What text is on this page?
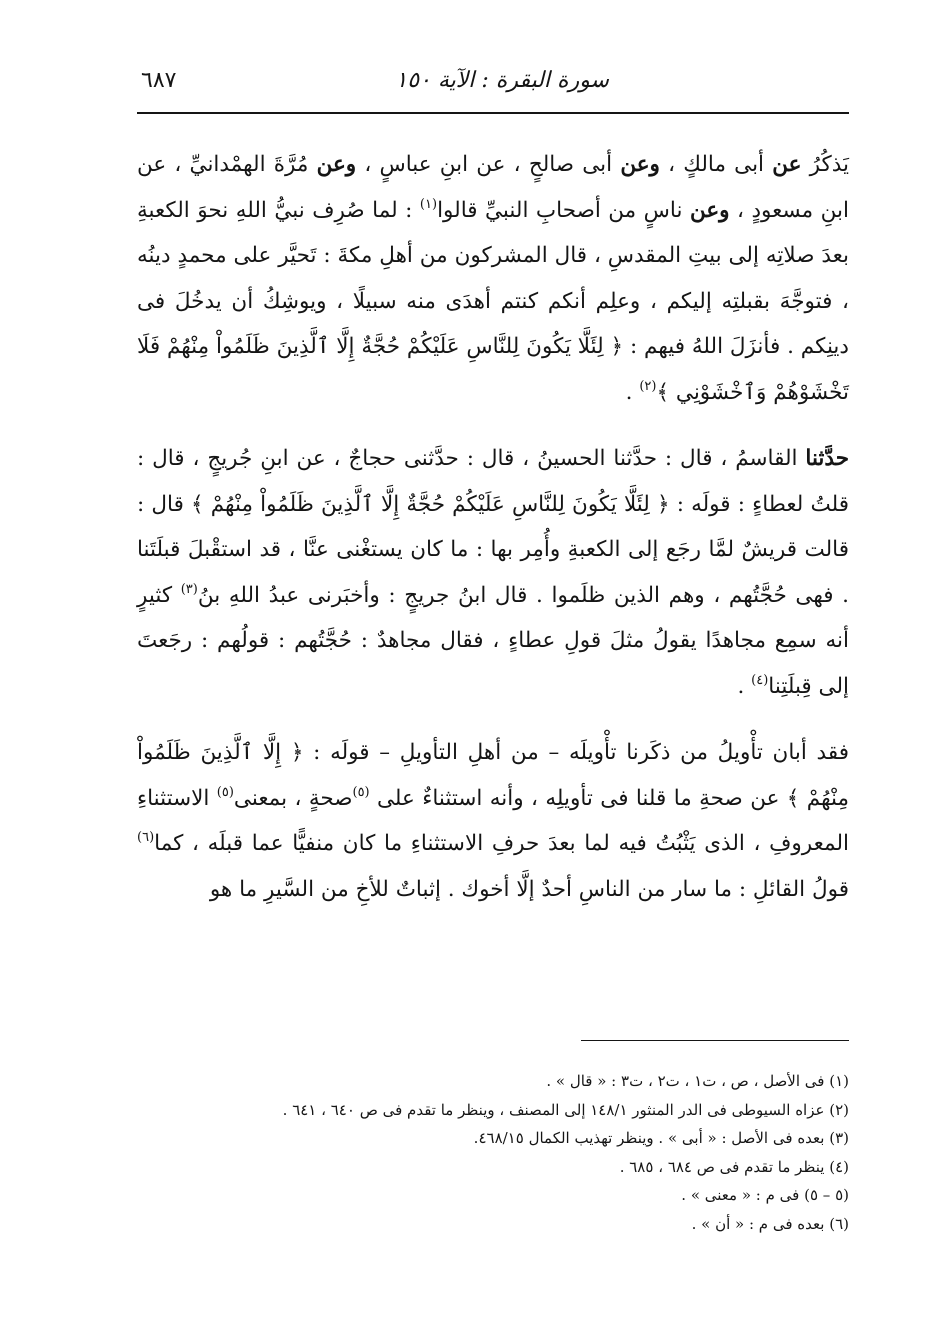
سورة البقرة : الآية ١٥٠
٦٨٧

يَذكُرُ عن أبى مالكٍ ، وعن أبى صالحٍ ، عن ابنِ عباسٍ ، وعن مُرَّةَ الهمْدانيِّ ، عن ابنِ مسعودٍ ، وعن ناسٍ من أصحابِ النبيِّ قالوا$^{(١)}$ : لما صُرِف نبيُّ اللهِ نحوَ الكعبةِ بعدَ صلاتِه إلى بيتِ المقدسِ ، قال المشركون من أهلِ مكةَ : تَحيَّر على محمدٍ دينُه ، فتوجَّهَ بقبلتِه إليكم ، وعلِم أنكم كنتم أهدَى منه سبيلًا ، ويوشِكُ أن يدخُلَ فى دينِكم . فأنزَلَ اللهُ فيهم : ﴿ لِئَلَّا يَكُونَ لِلنَّاسِ عَلَيْكُمْ حُجَّةٌ إِلَّا ٱلَّذِينَ ظَلَمُواْ مِنْهُمْ فَلَا تَخْشَوْهُمْ وَٱخْشَوْنِي ﴾$^{(٢)}$ .

حدَّثنا القاسمُ ، قال : حدَّثنا الحسينُ ، قال : حدَّثنى حجاجٌ ، عن ابنِ جُريجٍ ، قال : قلتُ لعطاءٍ : قولَه : ﴿ لِئَلَّا يَكُونَ لِلنَّاسِ عَلَيْكُمْ حُجَّةٌ إِلَّا ٱلَّذِينَ ظَلَمُواْ مِنْهُمْ ﴾ قال : قالت قريشٌ لمَّا رجَع إلى الكعبةِ وأُمِر بها : ما كان يستغْنى عنَّا ، قد استقْبلَ قبلَتَنا . فهى حُجَّتُهم ، وهم الذين ظلَموا . قال ابنُ جريجٍ : وأخبَرنى عبدُ اللهِ بنُ$^{(٣)}$ كثيرٍ أنه سمِع مجاهدًا يقولُ مثلَ قولِ عطاءٍ ، فقال مجاهدٌ : حُجَّتُهم : قولُهم : رجَعتَ إلى قِبلَتِنا$^{(٤)}$ .

فقد أبان تأْويلُ من ذكَرنا تأْويلَه – من أهلِ التأويلِ – قولَه : ﴿ إِلَّا ٱلَّذِينَ ظَلَمُواْ مِنْهُمْ ﴾ عن صحةِ ما قلنا فى تأويلِه ، وأنه استثناءٌ على $^{(٥)}$صحةٍ ، بمعنى$^{(٥)}$ الاستثناءِ المعروفِ ، الذى يَثْبُتُ فيه لما بعدَ حرفِ الاستثناءِ ما كان منفيًّا عما قبلَه ، كما$^{(٦)}$ قولُ القائلِ : ما سار من الناسِ أحدٌ إلَّا أخوك . إثباتٌ للأخِ من السَّيرِ ما هو

(١) فى الأصل ، ص ، ت١ ، ت٢ ، ت٣ : « قال » .

(٢) عزاه السيوطى فى الدر المنثور ١٤٨/١ إلى المصنف ، وينظر ما تقدم فى ص ٦٤٠ ، ٦٤١ .

(٣) بعده فى الأصل : « أبى » . وينظر تهذيب الكمال ٤٦٨/١٥.

(٤) ينظر ما تقدم فى ص ٦٨٤ ، ٦٨٥ .

(٥ – ٥) فى م : « معنى » .

(٦) بعده فى م : « أن » .
